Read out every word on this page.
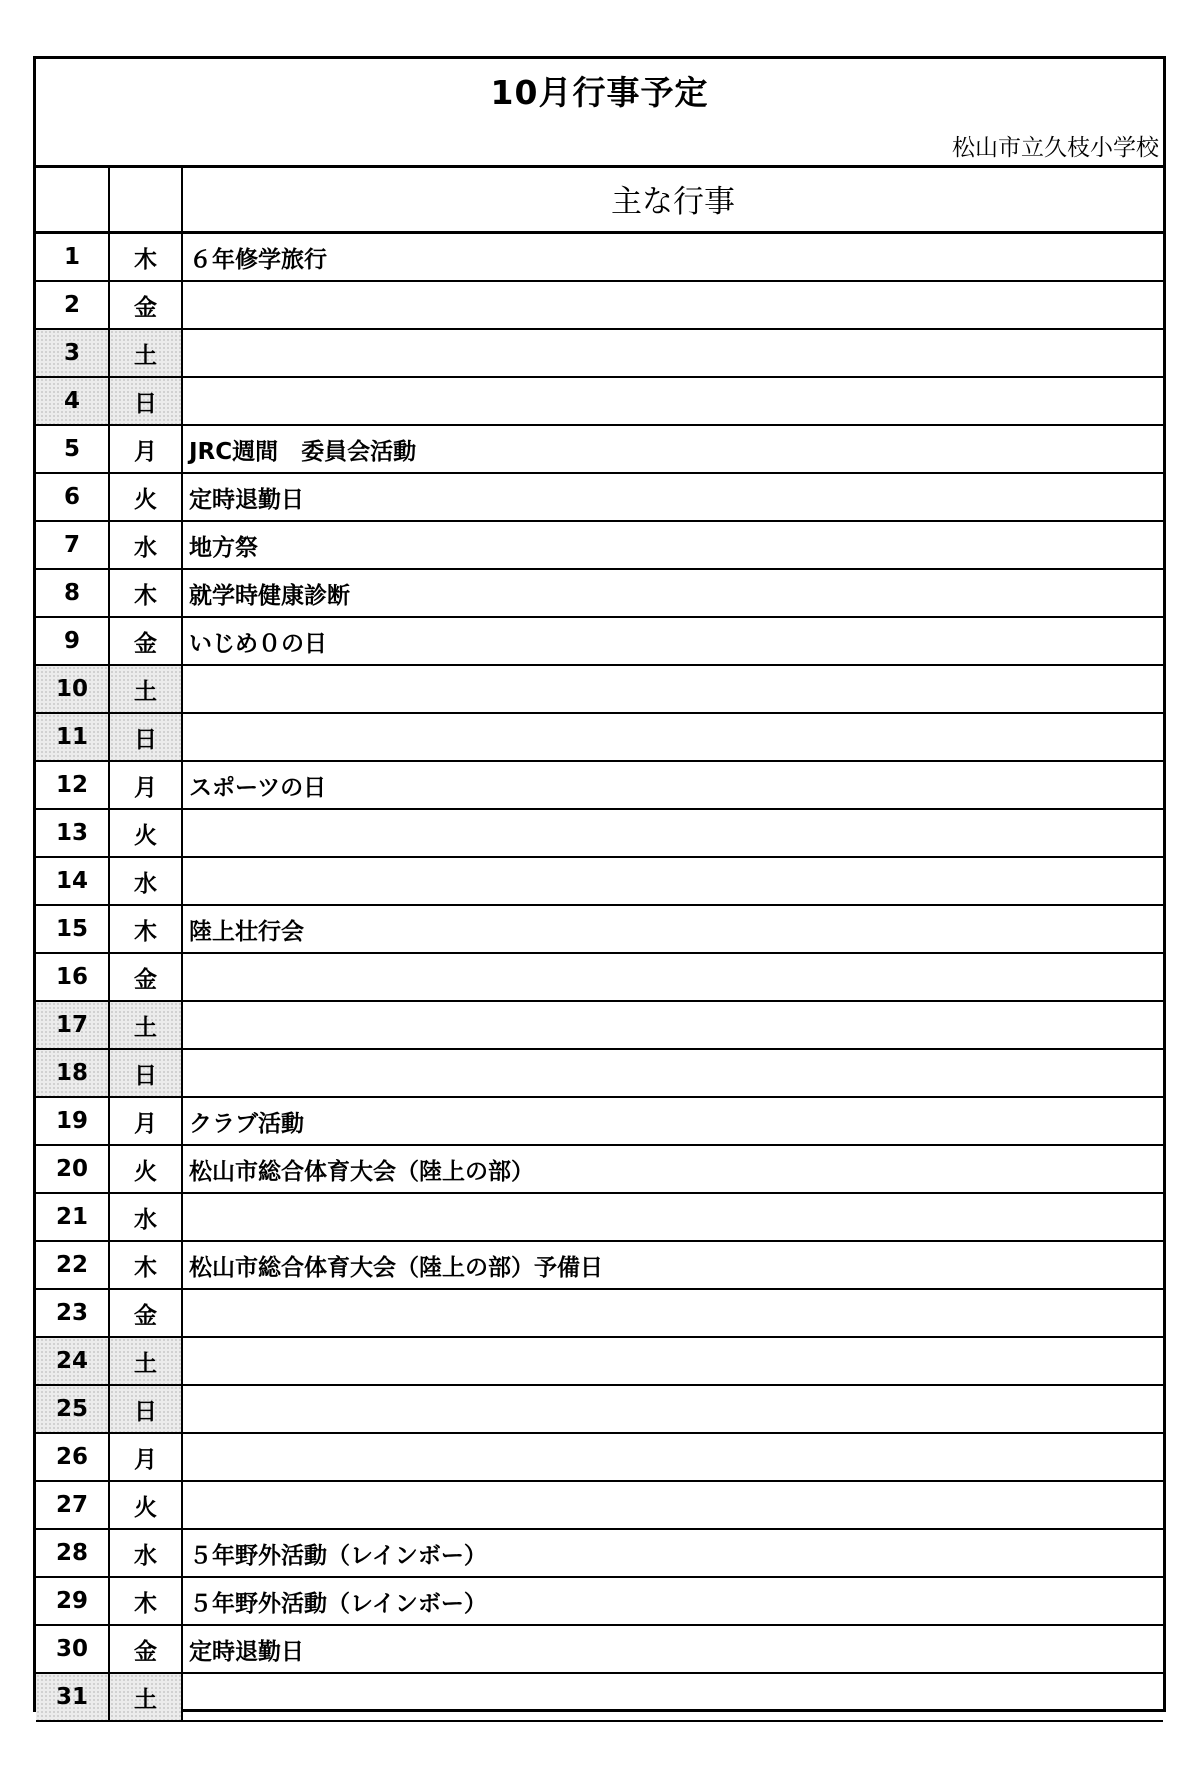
10月行事予定
松山市立久枝小学校
		主な行事
1	木	６年修学旅行
2	金	
3	土	
4	日	
5	月	JRC週間　委員会活動
6	火	定時退勤日
7	水	地方祭
8	木	就学時健康診断
9	金	いじめ０の日
10	土	
11	日	
12	月	スポーツの日
13	火	
14	水	
15	木	陸上壮行会
16	金	
17	土	
18	日	
19	月	クラブ活動
20	火	松山市総合体育大会（陸上の部）
21	水	
22	木	松山市総合体育大会（陸上の部）予備日
23	金	
24	土	
25	日	
26	月	
27	火	
28	水	５年野外活動（レインボー）
29	木	５年野外活動（レインボー）
30	金	定時退勤日
31	土	
